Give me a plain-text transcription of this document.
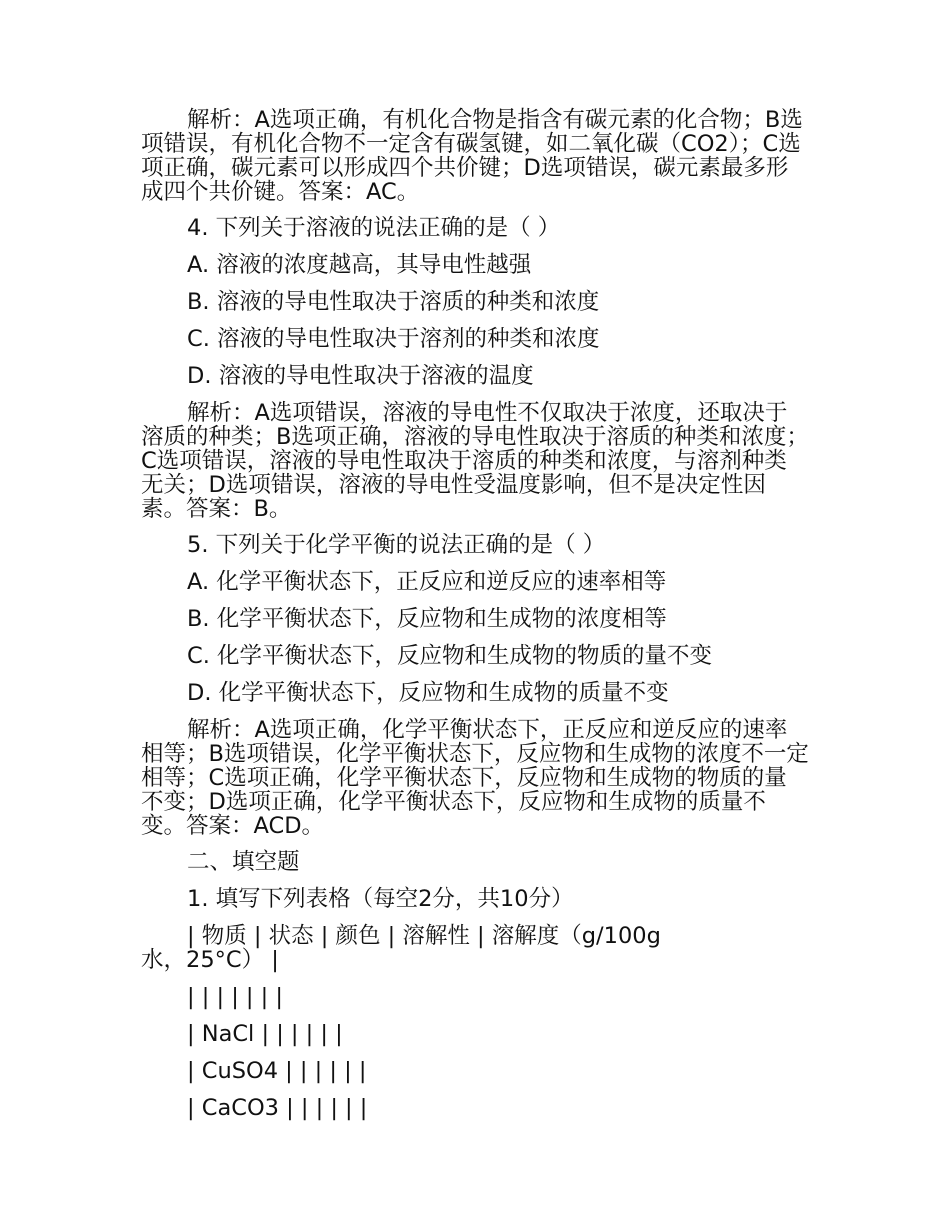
解析：A选项正确，有机化合物是指含有碳元素的化合物；B选项错误，有机化合物不一定含有碳氢键，如二氧化碳（CO2）；C选项正确，碳元素可以形成四个共价键；D选项错误，碳元素最多形成四个共价键。答案：AC。

4. 下列关于溶液的说法正确的是（ ）

A. 溶液的浓度越高，其导电性越强

B. 溶液的导电性取决于溶质的种类和浓度

C. 溶液的导电性取决于溶剂的种类和浓度

D. 溶液的导电性取决于溶液的温度

解析：A选项错误，溶液的导电性不仅取决于浓度，还取决于溶质的种类；B选项正确，溶液的导电性取决于溶质的种类和浓度；C选项错误，溶液的导电性取决于溶质的种类和浓度，与溶剂种类无关；D选项错误，溶液的导电性受温度影响，但不是决定性因素。答案：B。

5. 下列关于化学平衡的说法正确的是（ ）

A. 化学平衡状态下，正反应和逆反应的速率相等

B. 化学平衡状态下，反应物和生成物的浓度相等

C. 化学平衡状态下，反应物和生成物的物质的量不变

D. 化学平衡状态下，反应物和生成物的质量不变

解析：A选项正确，化学平衡状态下，正反应和逆反应的速率相等；B选项错误，化学平衡状态下，反应物和生成物的浓度不一定相等；C选项正确，化学平衡状态下，反应物和生成物的物质的量不变；D选项正确，化学平衡状态下，反应物和生成物的质量不变。答案：ACD。

二、填空题

1. 填写下列表格（每空2分，共10分）

| 物质 | 状态 | 颜色 | 溶解性 | 溶解度（g/100g水，25°C） |

| | | | | | |

| NaCl | | | | | |

| CuSO4 | | | | | |

| CaCO3 | | | | | |
